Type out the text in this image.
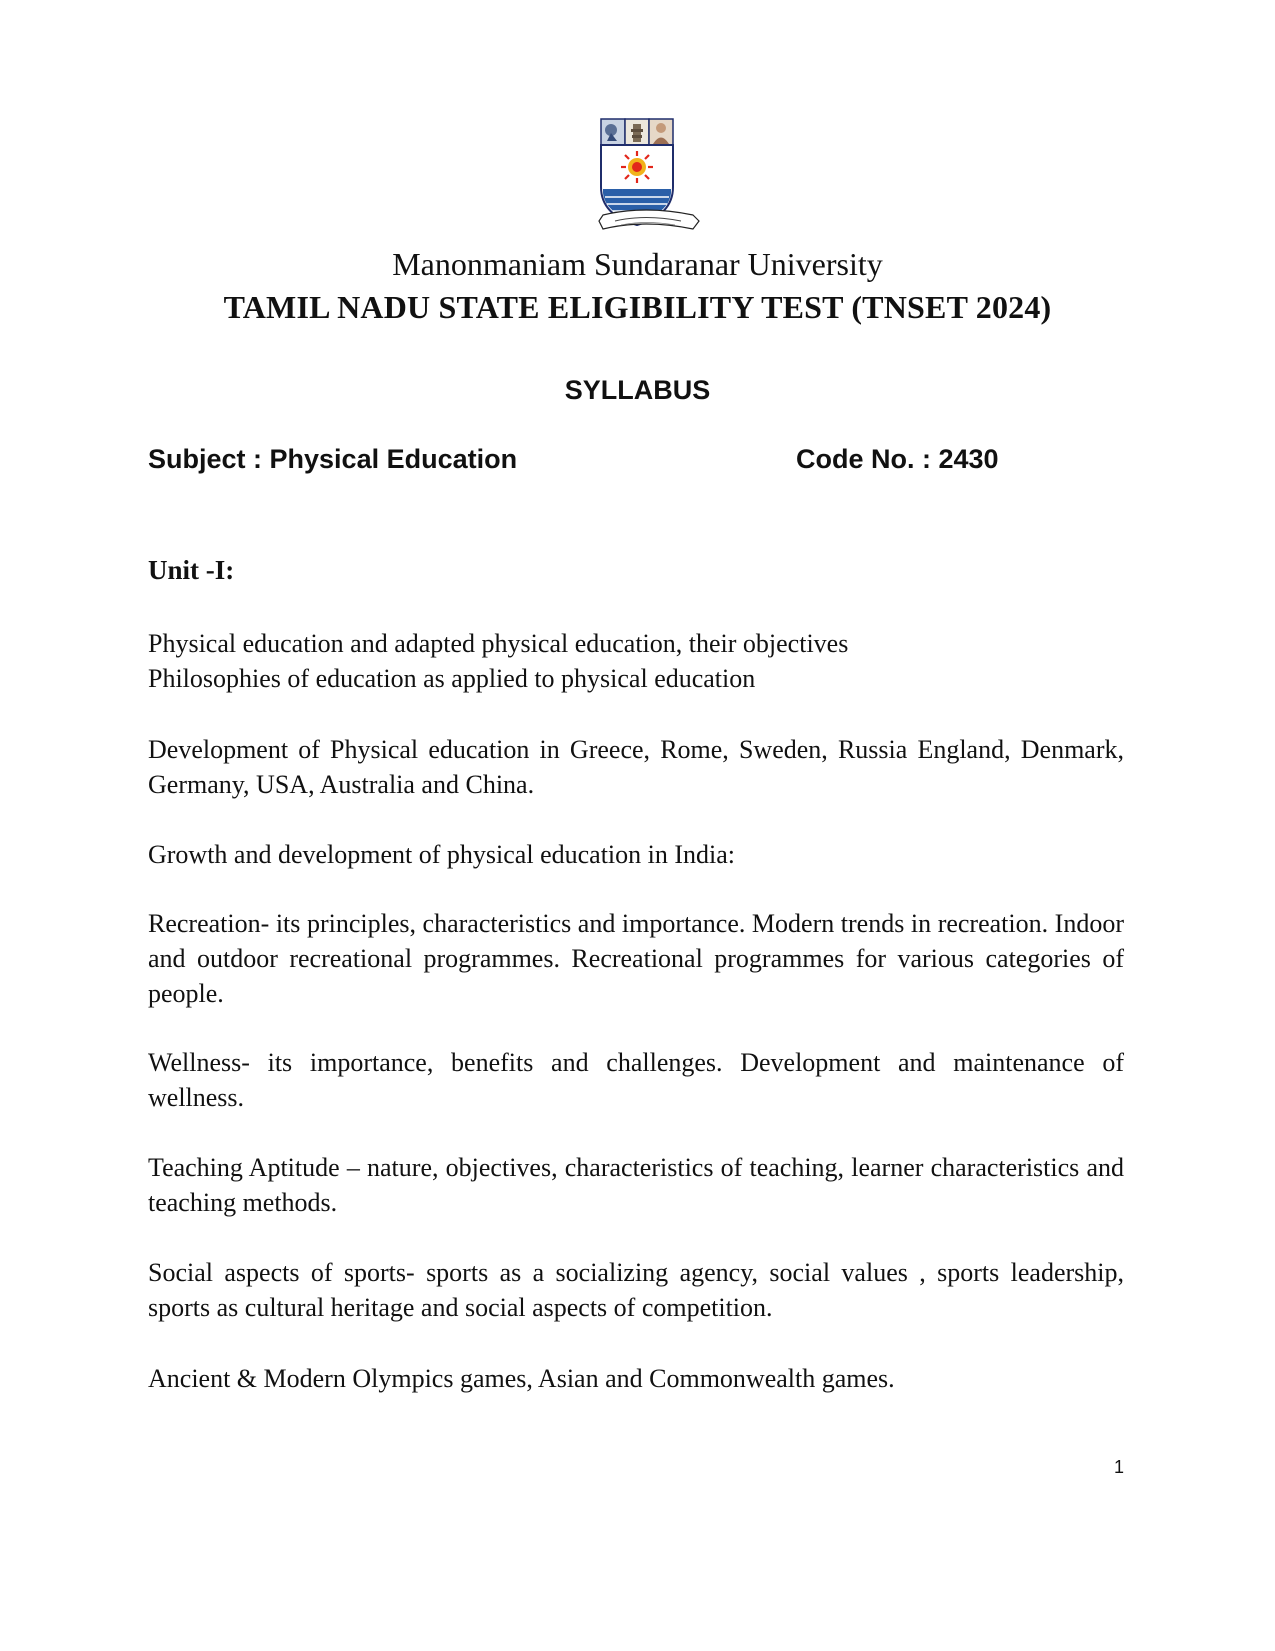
Manonmaniam Sundaranar University
TAMIL NADU STATE ELIGIBILITY TEST (TNSET 2024)
SYLLABUS
Subject : Physical Education	Code No. : 2430
Unit -I:
Physical education and adapted physical education, their objectives
Philosophies of education as applied to physical education
Development of Physical education in Greece, Rome, Sweden, Russia England, Denmark, Germany, USA, Australia and China.
Growth and development of physical education in India:
Recreation- its principles, characteristics and importance. Modern trends in recreation. Indoor and outdoor recreational programmes. Recreational programmes for various categories of people.
Wellness- its importance, benefits and challenges. Development and maintenance of wellness.
Teaching Aptitude – nature, objectives, characteristics of teaching, learner characteristics and teaching methods.
Social aspects of sports- sports as a socializing agency, social values , sports leadership, sports as cultural heritage and social aspects of competition.
Ancient & Modern Olympics games, Asian and Commonwealth games.
1
